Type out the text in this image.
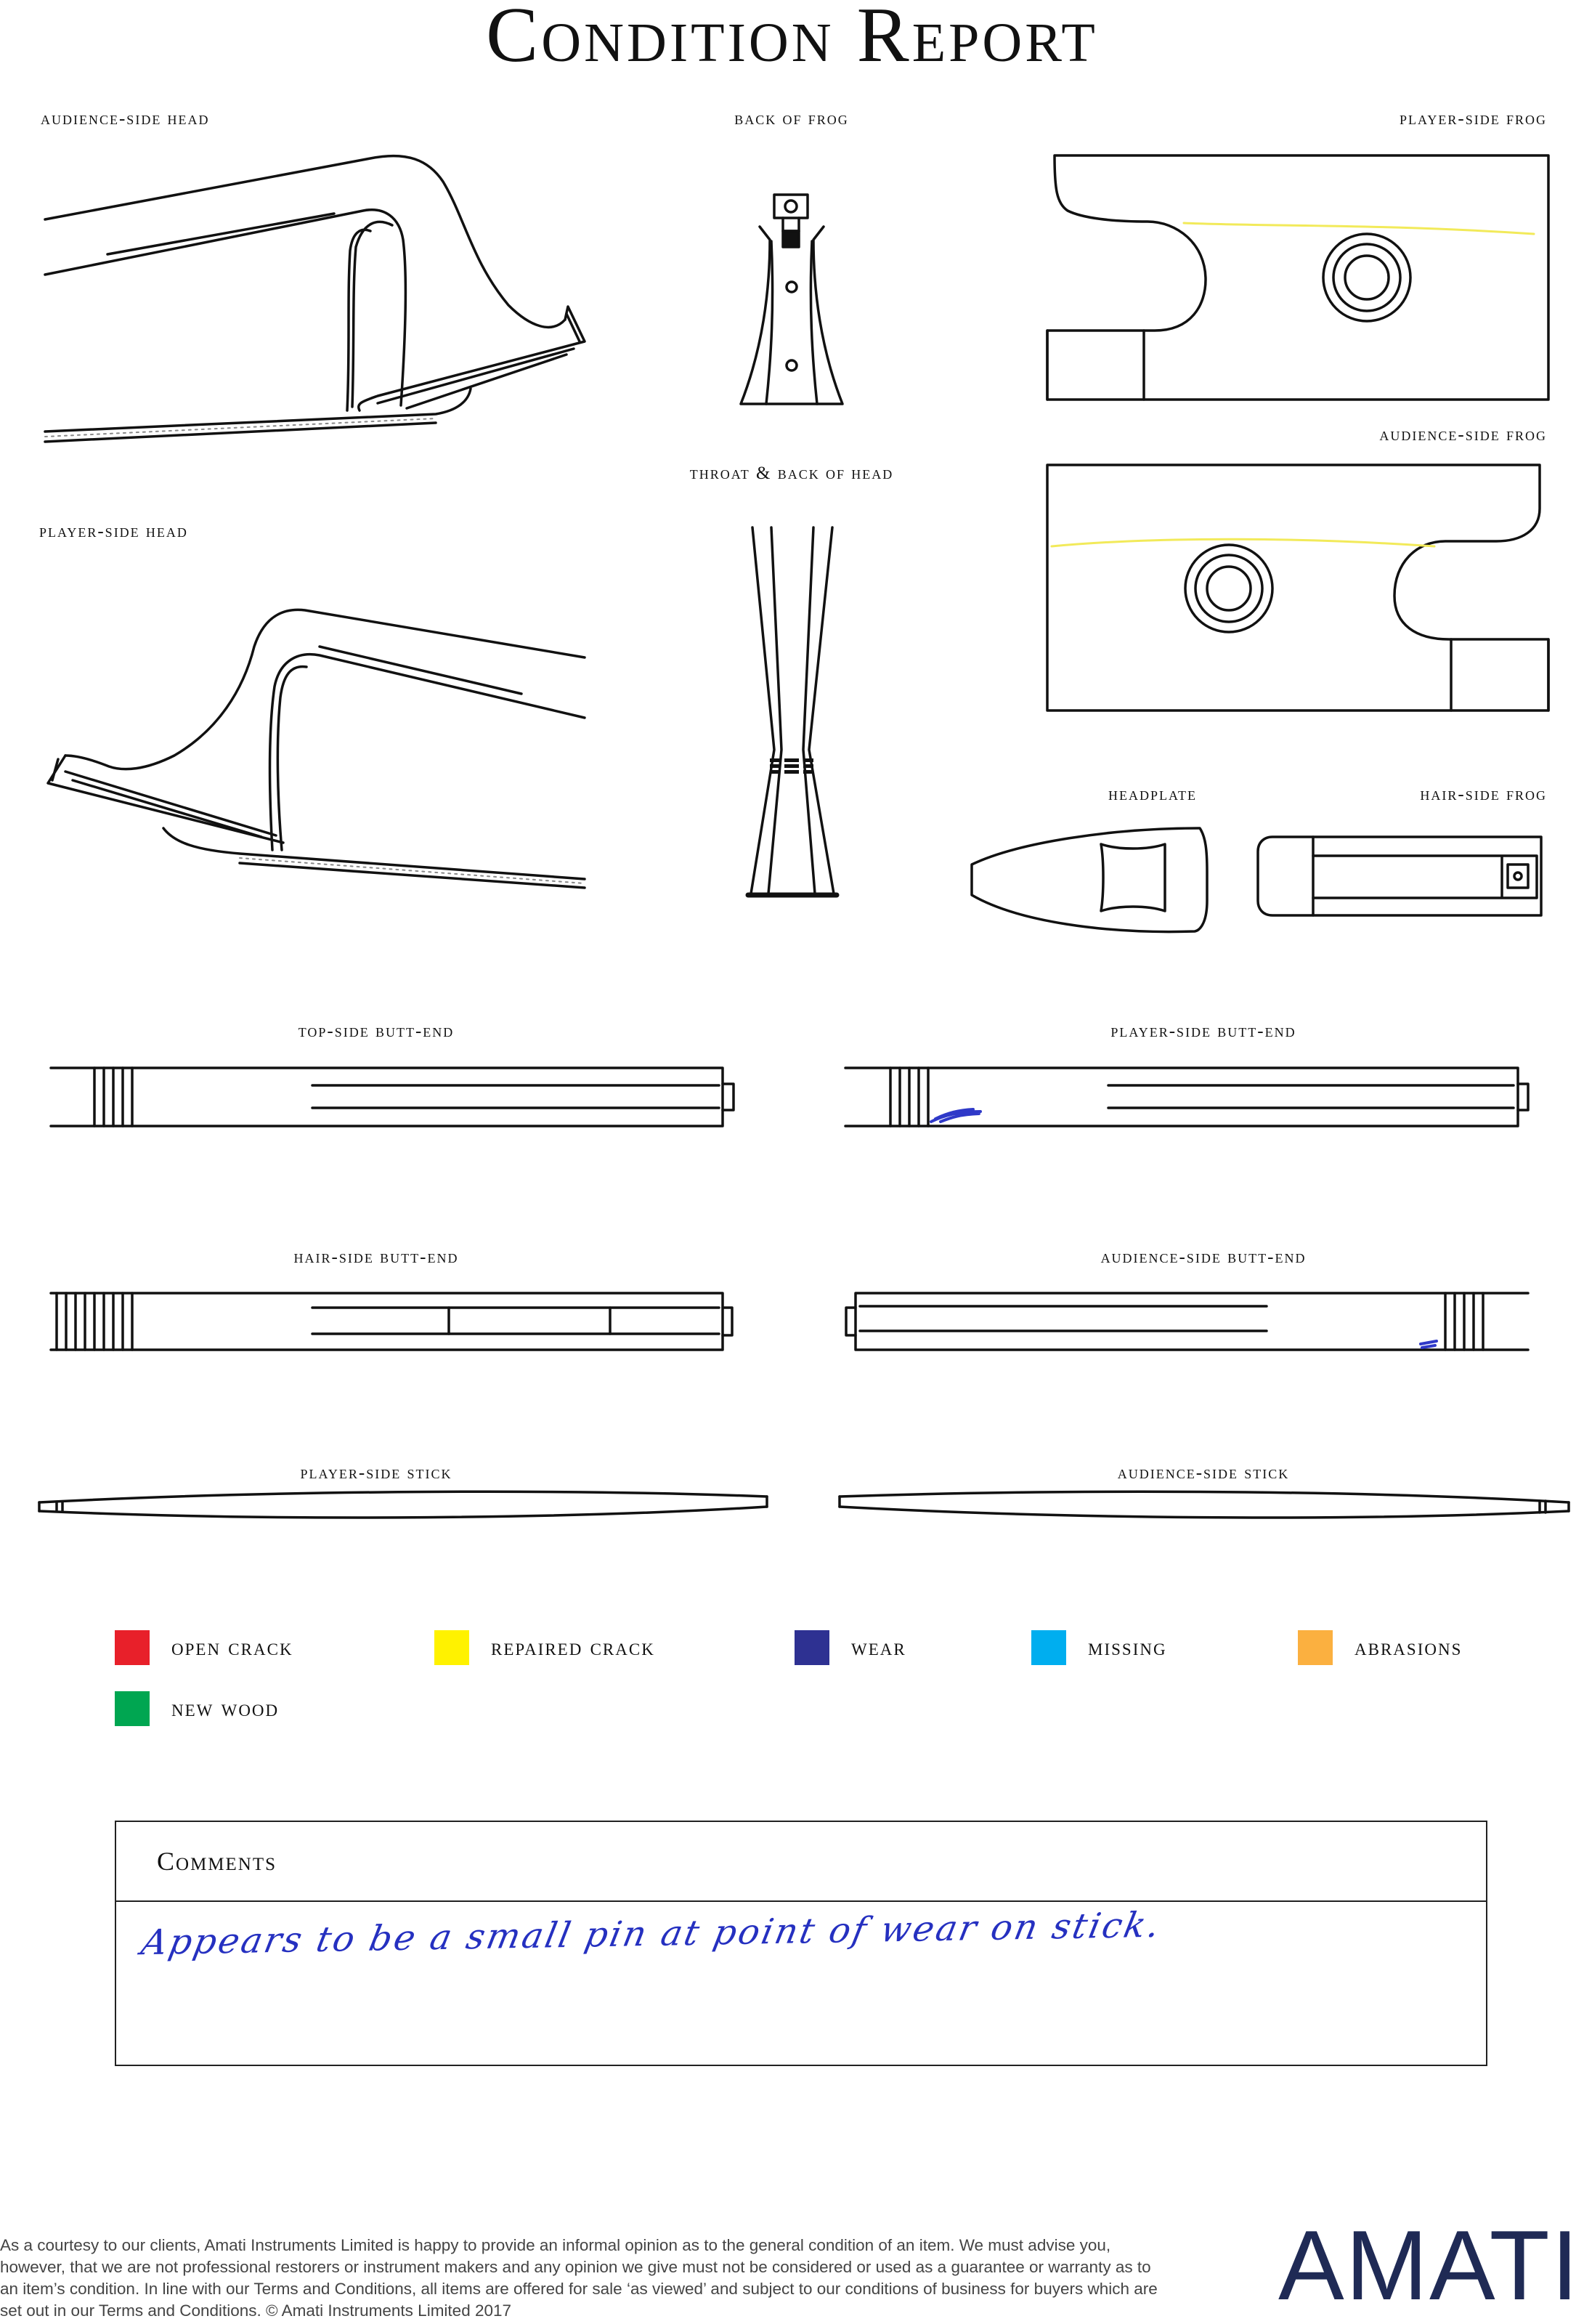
Condition Report
audience-side head	back of frog	player-side frog
audience-side frog
throat & back of head
player-side head
headplate	hair-side frog
top-side butt-end	player-side butt-end
hair-side butt-end	audience-side butt-end
player-side stick	audience-side stick
open crack	repaired crack	wear	missing	abrasions
new wood
Comments
Appears to be a small pin at point of wear on stick.
As a courtesy to our clients, Amati Instruments Limited is happy to provide an informal opinion as to the general condition of an item. We must advise you, however, that we are not professional restorers or instrument makers and any opinion we give must not be considered or used as a guarantee or warranty as to an item’s condition. In line with our Terms and Conditions, all items are offered for sale ‘as viewed’ and subject to our conditions of business for buyers which are set out in our Terms and Conditions. © Amati Instruments Limited 2017	AMATI
